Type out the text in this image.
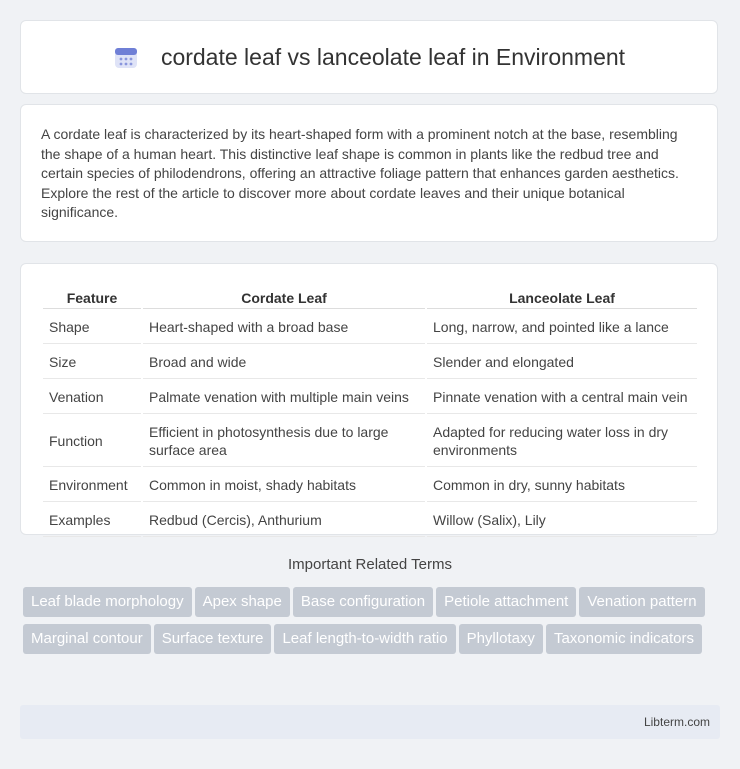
cordate leaf vs lanceolate leaf in Environment

A cordate leaf is characterized by its heart-shaped form with a prominent notch at the base, resembling the shape of a human heart. This distinctive leaf shape is common in plants like the redbud tree and certain species of philodendrons, offering an attractive foliage pattern that enhances garden aesthetics. Explore the rest of the article to discover more about cordate leaves and their unique botanical significance.

Feature	Cordate Leaf	Lanceolate Leaf
Shape	Heart-shaped with a broad base	Long, narrow, and pointed like a lance
Size	Broad and wide	Slender and elongated
Venation	Palmate venation with multiple main veins	Pinnate venation with a central main vein
Function	Efficient in photosynthesis due to large surface area	Adapted for reducing water loss in dry environments
Environment	Common in moist, shady habitats	Common in dry, sunny habitats
Examples	Redbud (Cercis), Anthurium	Willow (Salix), Lily
Important Related Terms
Leaf blade morphology Apex shape Base configuration Petiole attachment Venation patternMarginal contour Surface texture Leaf length-to-width ratio Phyllotaxy Taxonomic indicators
Libterm.com
